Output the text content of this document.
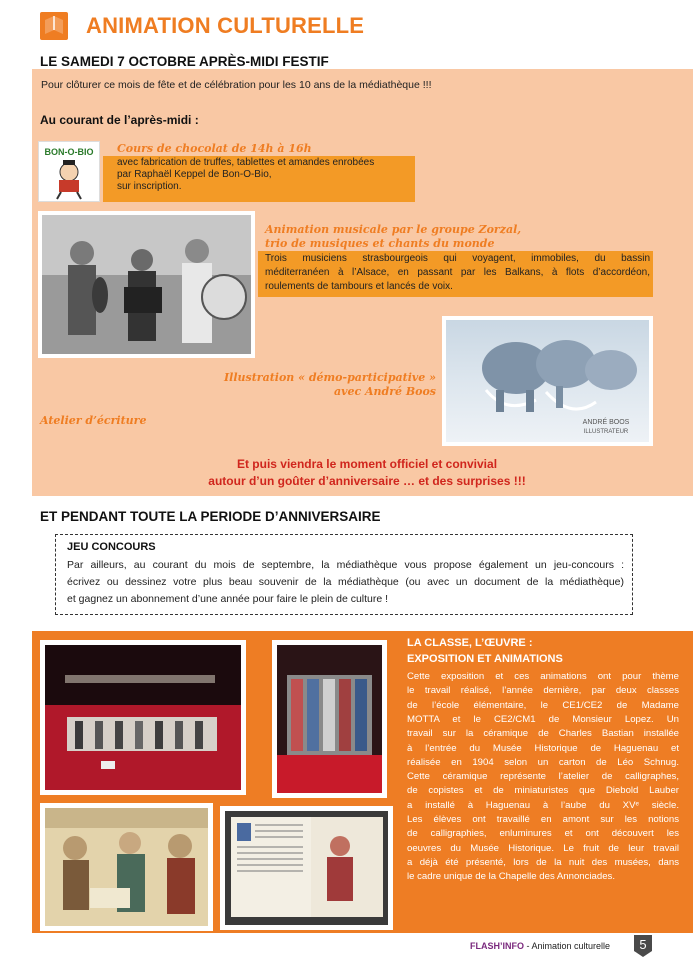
ANIMATION CULTURELLE
LE SAMEDI 7 OCTOBRE APRÈS-MIDI FESTIF
Pour clôturer ce mois de fête et de célébration pour les 10 ans de la médiathèque !!!
Au courant de l’après-midi :
BON-O-BIO Cours de chocolat de 14h à 16h
avec fabrication de truffes, tablettes et amandes enrobées
par Raphaël Keppel de Bon-O-Bio,
sur inscription.
Animation musicale par le groupe Zorzal,
trio de musiques et chants du monde
Trois musiciens strasbourgeois qui voyagent, immobiles, du bassin
méditerranéen à l’Alsace, en passant par les Balkans, à flots d’accordéon,
roulements de tambours et lancés de voix.
ANDRÉ BOOS
ILLUSTRATEUR
Illustration « démo-participative »
avec André Boos
Atelier d’écriture
Et puis viendra le moment officiel et convivial
autour d’un goûter d’anniversaire … et des surprises !!!
ET PENDANT TOUTE LA PERIODE D’ANNIVERSAIRE
JEU CONCOURS
Par ailleurs, au courant du mois de septembre, la médiathèque vous propose également un jeu-concours :
écrivez ou dessinez votre plus beau souvenir de la médiathèque (ou avec un document de la médiathèque)
et gagnez un abonnement d’une année pour faire le plein de culture !
LA CLASSE, L’ŒUVRE :
EXPOSITION ET ANIMATIONS
Cette exposition et ces animations ont pour thème
le travail réalisé, l’année dernière, par deux classes
de l’école élémentaire, le CE1/CE2 de Madame
MOTTA et le CE2/CM1 de Monsieur Lopez. Un
travail sur la céramique de Charles Bastian installée
à l’entrée du Musée Historique de Haguenau et
réalisée en 1904 selon un carton de Léo Schnug.
Cette céramique représente l’atelier de calligraphes,
de copistes et de miniaturistes que Diebold Lauber
a installé à Haguenau à l’aube du XVᵉ siècle.
Les élèves ont travaillé en amont sur les notions
de calligraphies, enluminures et ont découvert les
oeuvres du Musée Historique. Le fruit de leur travail
a déjà été présenté, lors de la nuit des musées, dans
le cadre unique de la Chapelle des Annonciades.
FLASH’INFO - Animation culturelle 5
